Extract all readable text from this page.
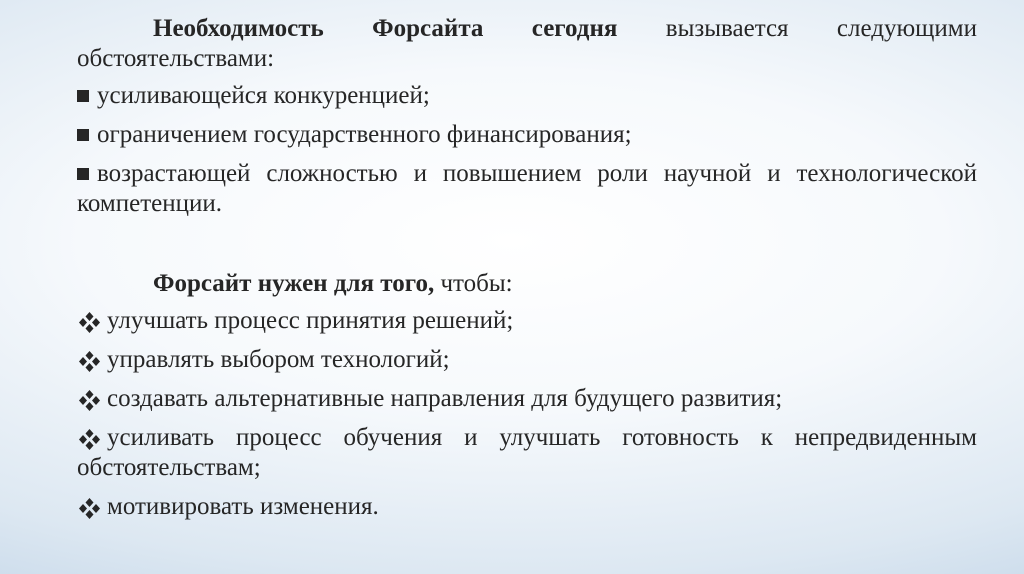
Необходимость Форсайта сегодня вызывается следующими обстоятельствами:

усиливающейся конкуренцией;

ограничением государственного финансирования;

возрастающей сложностью и повышением роли научной и технологической компетенции.

Форсайт нужен для того, чтобы:

улучшать процесс принятия решений;

управлять выбором технологий;

создавать альтернативные направления для будущего развития;

усиливать процесс обучения и улучшать готовность к непредвиденным обстоятельствам;

мотивировать изменения.
